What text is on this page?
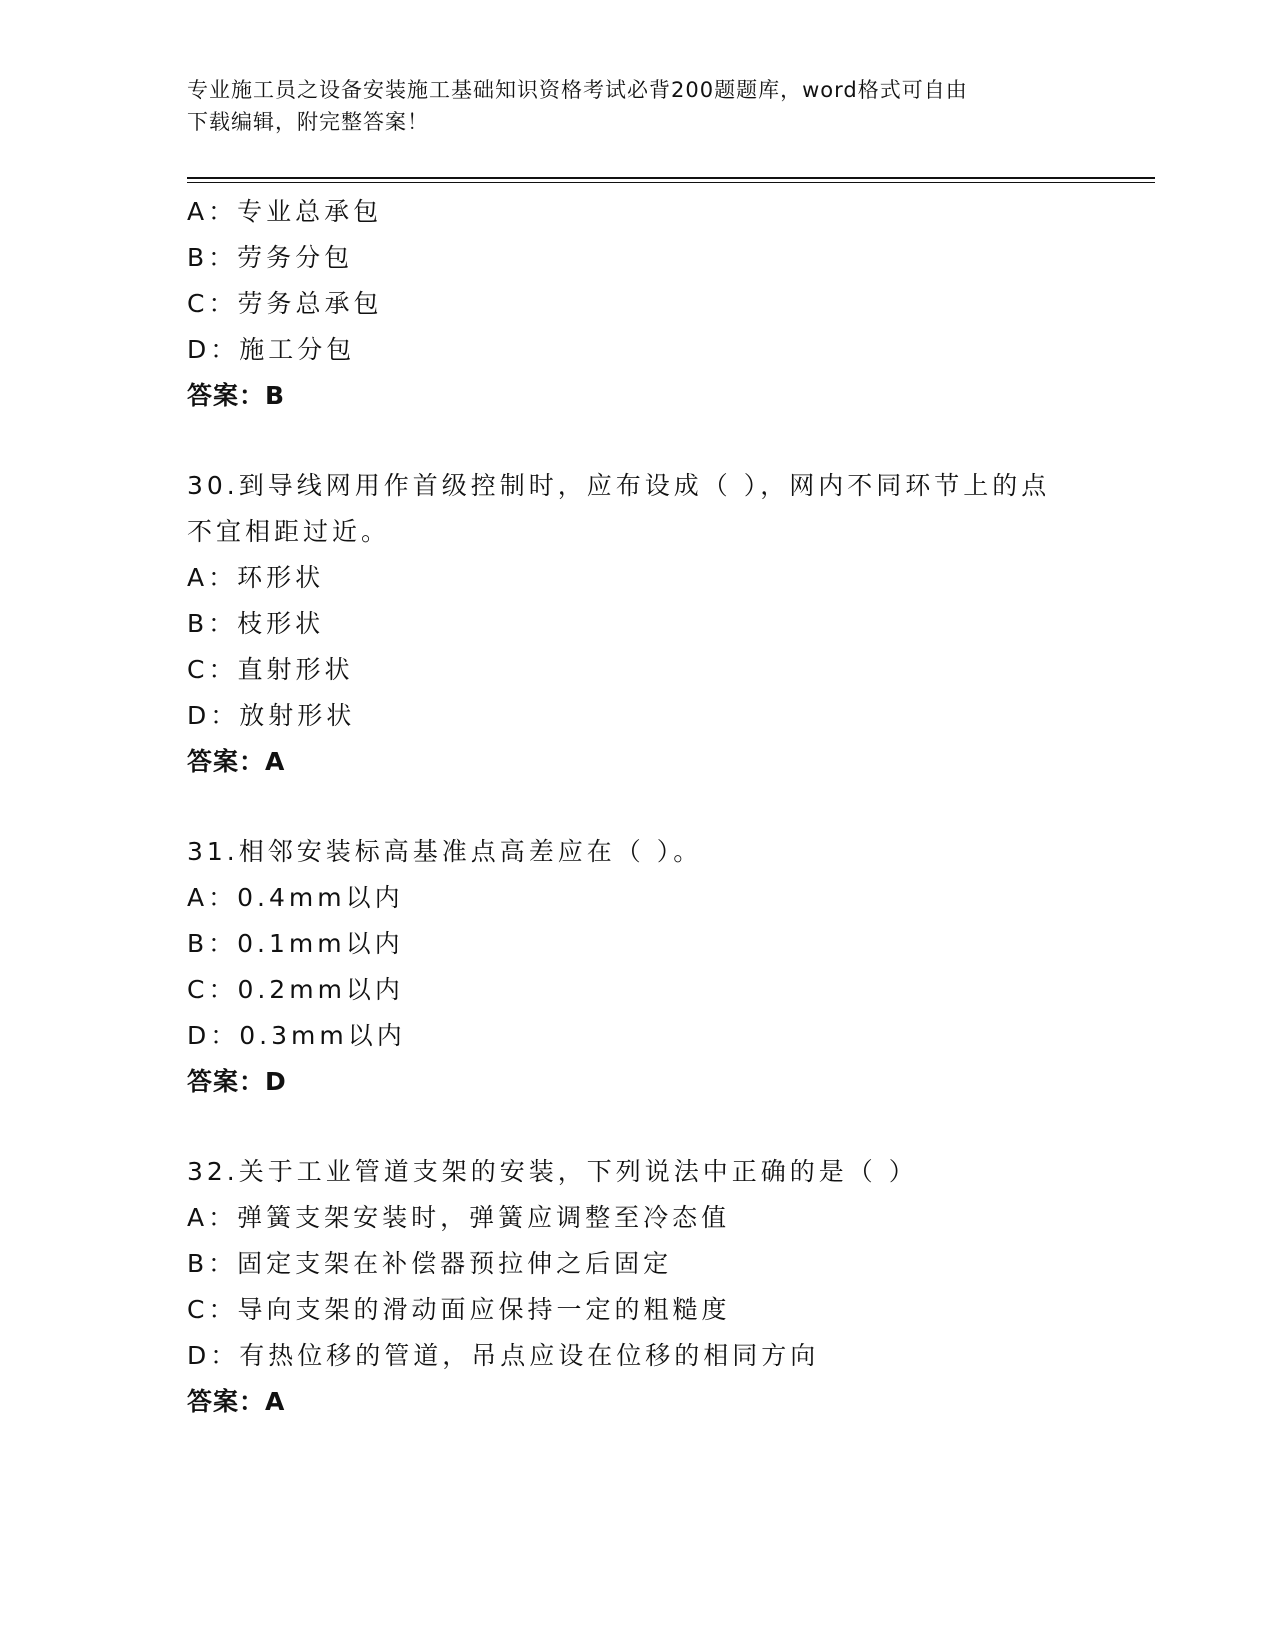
专业施工员之设备安装施工基础知识资格考试必背200题题库，word格式可自由
下载编辑，附完整答案！
A：专业总承包
B：劳务分包
C：劳务总承包
D：施工分包
答案：B
30.到导线网用作首级控制时，应布设成（ ），网内不同环节上的点
不宜相距过近。
A：环形状
B：枝形状
C：直射形状
D：放射形状
答案：A
31.相邻安装标高基准点高差应在（ ）。
A：0.4mm以内
B：0.1mm以内
C：0.2mm以内
D：0.3mm以内
答案：D
32.关于工业管道支架的安装，下列说法中正确的是（ ）
A：弹簧支架安装时，弹簧应调整至冷态值
B：固定支架在补偿器预拉伸之后固定
C：导向支架的滑动面应保持一定的粗糙度
D：有热位移的管道，吊点应设在位移的相同方向
答案：A
